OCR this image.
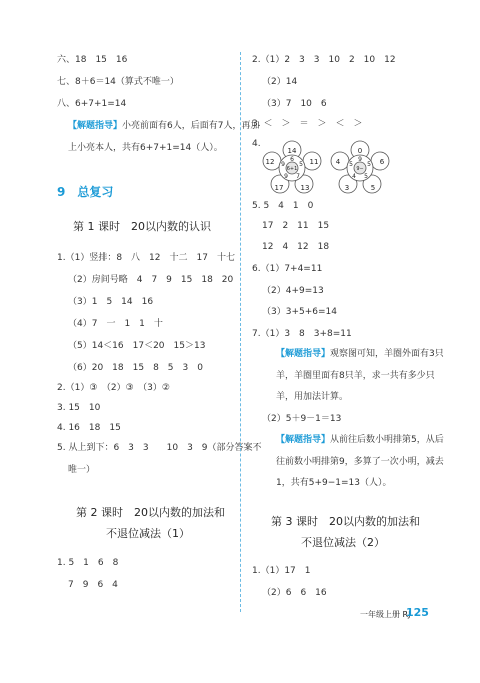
六、18　15　16
七、8＋6＝14（算式不唯一）
八、6+7+1=14
【解题指导】小亮前面有6人，后面有7人，再加
上小亮本人，共有6+7+1=14（人）。
9　 总复习
第 1 课时　20以内数的认识
1.（1）竖排：8　八　12　十二　17　十七
（2）房间号略　4　7　9　15　18　20
（3）1　5　14　16
（4）7　一　1　1　十
（5）14＜16　17＜20　15＞13
（6）20　18　15　8　5　3　0
2.（1）③　（2）③　（3）②
3. 15　10
4. 16　18　15
5. 从上到下：6　3　3　　10　3　9（部分答案不
唯一）
第 2 课时　20以内数的加法和
不退位减法（1）
1. 5　1　6　8
7　9　6　4
2.（1）2　3　3　10　2　10　12
（2）14
（3）7　10　6
3. ＜　＞　＝　＞　＜　＞
4.
14
11
13
17
12	6
5
7
9
9
6+1
0
6
5
3
4	9
5
5
4
5
9−
5. 5　4　1　0
17　2　11　15
12　4　12　18
6.（1）7+4=11
（2）4+9=13
（3）3+5+6=14
7.（1）3　8　3+8=11
【解题指导】观察图可知，羊圈外面有3只
羊，羊圈里面有8只羊，求一共有多少只
羊，用加法计算。
（2）5＋9－1＝13
【解题指导】从前往后数小明排第5，从后
往前数小明排第9，多算了一次小明，减去
1，共有5+9−1=13（人）。
第 3 课时　20以内数的加法和
不退位减法（2）
1.（1）17　1
（2）6　6　16
一年级上册 RJ
125
